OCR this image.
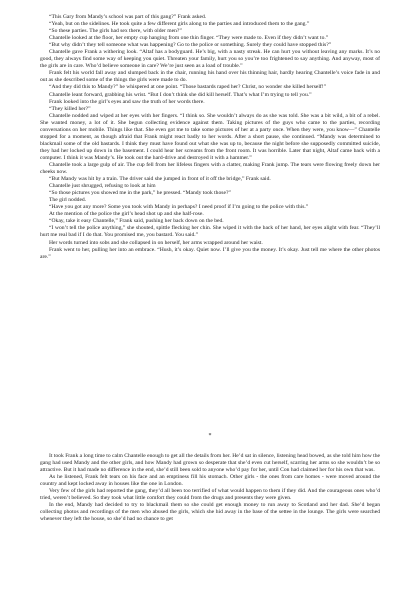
“This Gary from Mandy’s school was part of this gang?” Frank asked.

“Yeah, but on the sidelines. He took quite a few different girls along to the parties and introduced them to the gang.”

“So these parties. The girls had sex there, with older men?”

Chantelle looked at the floor, her empty cup hanging from one thin finger. “They were made to. Even if they didn’t want to.”

“But why didn’t they tell someone what was happening? Go to the police or something. Surely they could have stopped this?”

Chantelle gave Frank a withering look. “Altaf has a bodyguard. He’s big, with a nasty streak. He can hurt you without leaving any marks. It’s no good, they always find some way of keeping you quiet. Threaten your family, hurt you so you’re too frightened to say anything. And anyway, most of the girls are in care. Who’d believe someone in care? We’re just seen as a load of trouble.”

Frank felt his world fall away and slumped back in the chair, running his hand over his thinning hair, hardly hearing Chantelle’s voice fade in and out as she described some of the things the girls were made to do.

“And they did this to Mandy?” he whispered at one point. “Those bastards raped her? Christ, no wonder she killed herself!”

Chantelle leant forward, grabbing his wrist. “But I don’t think she did kill herself. That’s what I’m trying to tell you.”

Frank looked into the girl’s eyes and saw the truth of her words there.

“They killed her?”

Chantelle nodded and wiped at her eyes with her fingers. “I think so. She wouldn’t always do as she was told. She was a bit wild, a bit of a rebel. She wanted money, a lot of it. She begun collecting evidence against them. Taking pictures of the guys who came to the parties, recording conversations on her mobile. Things like that. She even got me to take some pictures of her at a party once. When they were, you know—” Chantelle stopped for a moment, as though afraid that Frank might react badly to her words. After a short pause, she continued. “Mandy was determined to blackmail some of the old bastards. I think they must have found out what she was up to, because the night before she supposedly committed suicide, they had her locked up down in the basement. I could hear her screams from the front room. It was horrible. Later that night, Altaf came back with a computer. I think it was Mandy’s. He took out the hard-drive and destroyed it with a hammer.”

Chantelle took a large gulp of air. The cup fell from her lifeless fingers with a clatter, making Frank jump. The tears were flowing freely down her cheeks now.

“But Mandy was hit by a train. The driver said she jumped in front of it off the bridge,” Frank said.

Chantelle just shrugged, refusing to look at him

“So those pictures you showed me in the park,” he pressed. “Mandy took those?”

The girl nodded.

“Have you got any more? Some you took with Mandy in perhaps? I need proof if I’m going to the police with this.”

At the mention of the police the girl’s head shot up and she half-rose.

“Okay, take it easy Chantelle,” Frank said, pushing her back down on the bed.

“I won’t tell the police anything,” she shouted, spittle flecking her chin. She wiped it with the back of her hand, her eyes alight with fear. “They’ll hurt me real bad if I do that. You promised me, you bastard. You said.”

Her words turned into sobs and she collapsed in on herself, her arms wrapped around her waist.

Frank went to her, pulling her into an embrace. “Hush, it’s okay. Quiet now. I’ll give you the money. It’s okay. Just tell me where the other photos are.”

*

It took Frank a long time to calm Chantelle enough to get all the details from her. He’d sat in silence, listening head bowed, as she told him how the gang had used Mandy and the other girls, and how Mandy had grown so desperate that she’d even cut herself, scarring her arms so she wouldn’t be so attractive. But it had made no difference in the end, she’d still been sold to anyone who’d pay for her, until Con had claimed her for his own that was.

As he listened, Frank felt tears on his face and an emptiness fill his stomach. Other girls - the ones from care homes - were moved around the country and kept locked away in houses like the one in London.

Very few of the girls had reported the gang, they’d all been too terrified of what would happen to them if they did. And the courageous ones who’d tried, weren’t believed. So they took what little comfort they could from the drugs and presents they were given.

In the end, Mandy had decided to try to blackmail them so she could get enough money to run away to Scotland and her dad. She’d began collecting photos and recordings of the men who abused the girls, which she hid away in the base of the settee in the lounge. The girls were searched whenever they left the house, so she’d had no chance to get
